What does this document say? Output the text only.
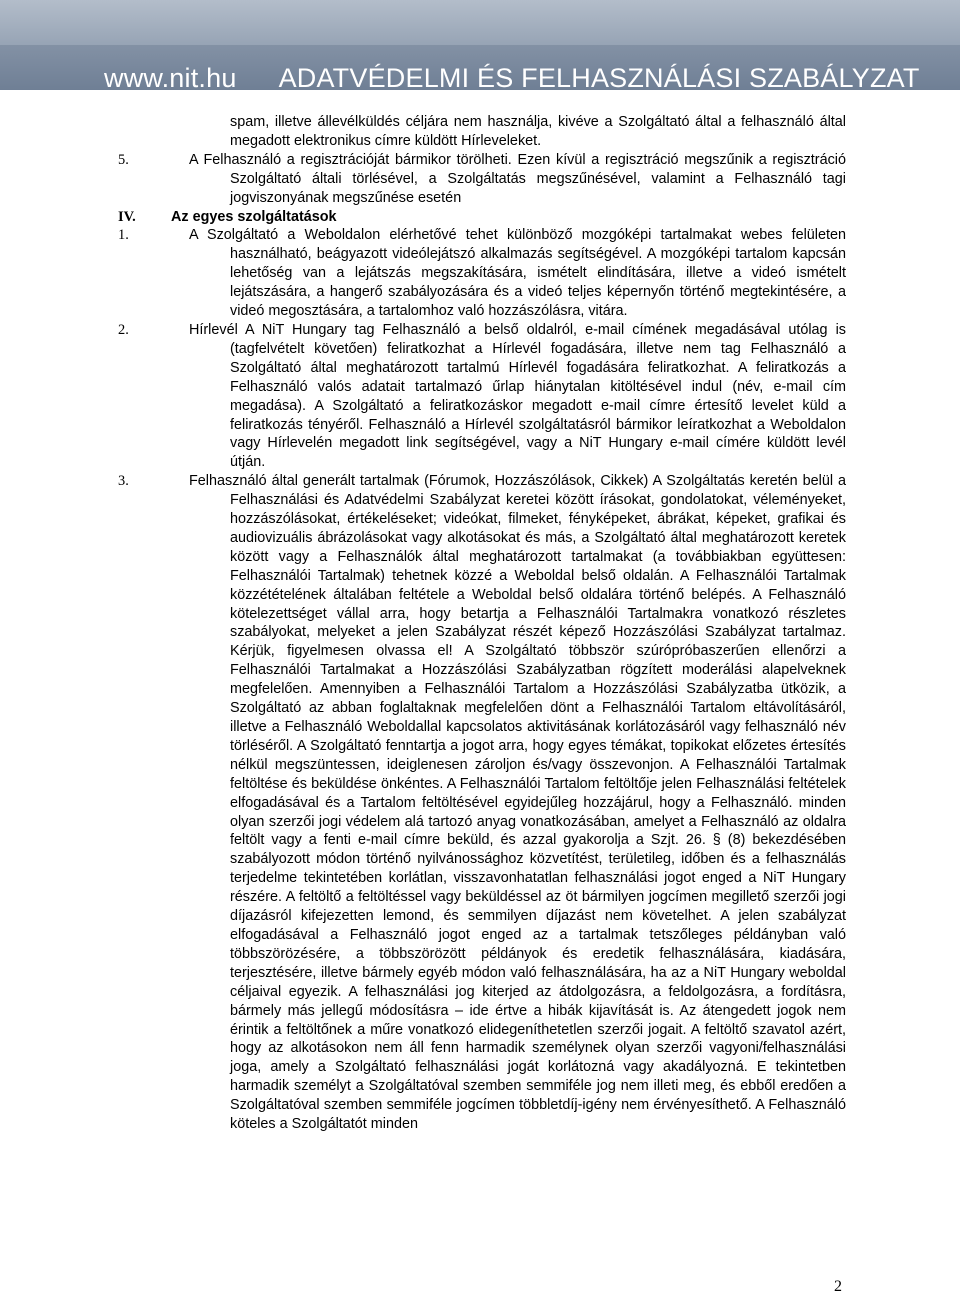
www.nit.hu ADATVÉDELMI ÉS FELHASZNÁLÁSI SZABÁLYZAT

spam, illetve állevélküldés céljára nem használja, kivéve a Szolgáltató által a felhasználó által megadott elektronikus címre küldött Hírleveleket.

5.	A Felhasználó a regisztrációját bármikor törölheti. Ezen kívül a regisztráció megszűnik a regisztráció Szolgáltató általi törlésével, a Szolgáltatás megszűnésével, valamint a Felhasználó tagi jogviszonyának megszűnése esetén

IV.	Az egyes szolgáltatások

1.	A Szolgáltató a Weboldalon elérhetővé tehet különböző mozgóképi tartalmakat webes felületen használható, beágyazott videólejátszó alkalmazás segítségével. A mozgóképi tartalom kapcsán lehetőség van a lejátszás megszakítására, ismételt elindítására, illetve a videó ismételt lejátszására, a hangerő szabályozására és a videó teljes képernyőn történő megtekintésére, a videó megosztására, a tartalomhoz való hozzászólásra, vitára.

2.	Hírlevél A NiT Hungary tag Felhasználó a belső oldalról, e-mail címének megadásával utólag is (tagfelvételt követően) feliratkozhat a Hírlevél fogadására, illetve nem tag Felhasználó a Szolgáltató által meghatározott tartalmú Hírlevél fogadására feliratkozhat. A feliratkozás a Felhasználó valós adatait tartalmazó űrlap hiánytalan kitöltésével indul (név, e-mail cím megadása). A Szolgáltató a feliratkozáskor megadott e-mail címre értesítő levelet küld a feliratkozás tényéről. Felhasználó a Hírlevél szolgáltatásról bármikor leíratkozhat a Weboldalon vagy Hírlevelén megadott link segítségével, vagy a NiT Hungary e-mail címére küldött levél útján.

3.	Felhasználó által generált tartalmak (Fórumok, Hozzászólások, Cikkek) A Szolgáltatás keretén belül a Felhasználási és Adatvédelmi Szabályzat keretei között írásokat, gondolatokat, véleményeket, hozzászólásokat, értékeléseket; videókat, filmeket, fényképeket, ábrákat, képeket, grafikai és audiovizuális ábrázolásokat vagy alkotásokat és más, a Szolgáltató által meghatározott keretek között vagy a Felhasználók által meghatározott tartalmakat (a továbbiakban együttesen: Felhasználói Tartalmak) tehetnek közzé a Weboldal belső oldalán. A Felhasználói Tartalmak közzétételének általában feltétele a Weboldal belső oldalára történő belépés. A Felhasználó kötelezettséget vállal arra, hogy betartja a Felhasználói Tartalmakra vonatkozó részletes szabályokat, melyeket a jelen Szabályzat részét képező Hozzászólási Szabályzat tartalmaz. Kérjük, figyelmesen olvassa el! A Szolgáltató többször szúrópróbaszerűen ellenőrzi a Felhasználói Tartalmakat a Hozzászólási Szabályzatban rögzített moderálási alapelveknek megfelelően. Amennyiben a Felhasználói Tartalom a Hozzászólási Szabályzatba ütközik, a Szolgáltató az abban foglaltaknak megfelelően dönt a Felhasználói Tartalom eltávolításáról, illetve a Felhasználó Weboldallal kapcsolatos aktivitásának korlátozásáról vagy felhasználó név törléséről. A Szolgáltató fenntartja a jogot arra, hogy egyes témákat, topikokat előzetes értesítés nélkül megszüntessen, ideiglenesen zároljon és/vagy összevonjon. A Felhasználói Tartalmak feltöltése és beküldése önkéntes. A Felhasználói Tartalom feltöltője jelen Felhasználási feltételek elfogadásával és a Tartalom feltöltésével egyidejűleg hozzájárul, hogy a Felhasználó. minden olyan szerzői jogi védelem alá tartozó anyag vonatkozásában, amelyet a Felhasználó az oldalra feltölt vagy a fenti e-mail címre beküld, és azzal gyakorolja a Szjt. 26. § (8) bekezdésében szabályozott módon történő nyilvánossághoz közvetítést, területileg, időben és a felhasználás terjedelme tekintetében korlátlan, visszavonhatatlan felhasználási jogot enged a NiT Hungary részére. A feltöltő a feltöltéssel vagy beküldéssel az öt bármilyen jogcímen megillető szerzői jogi díjazásról kifejezetten lemond, és semmilyen díjazást nem követelhet. A jelen szabályzat elfogadásával a Felhasználó jogot enged az a tartalmak tetszőleges példányban való többszörözésére, a többszörözött példányok és eredetik felhasználására, kiadására, terjesztésére, illetve bármely egyéb módon való felhasználására, ha az a NiT Hungary weboldal céljaival egyezik. A felhasználási jog kiterjed az átdolgozásra, a feldolgozásra, a fordításra, bármely más jellegű módosításra – ide értve a hibák kijavítását is. Az átengedett jogok nem érintik a feltöltőnek a műre vonatkozó elidegeníthetetlen szerzői jogait. A feltöltő szavatol azért, hogy az alkotásokon nem áll fenn harmadik személynek olyan szerzői vagyoni/felhasználási joga, amely a Szolgáltató felhasználási jogát korlátozná vagy akadályozná. E tekintetben harmadik személyt a Szolgáltatóval szemben semmiféle jog nem illeti meg, és ebből eredően a Szolgáltatóval szemben semmiféle jogcímen többletdíj-igény nem érvényesíthető. A Felhasználó köteles a Szolgáltatót minden

2
